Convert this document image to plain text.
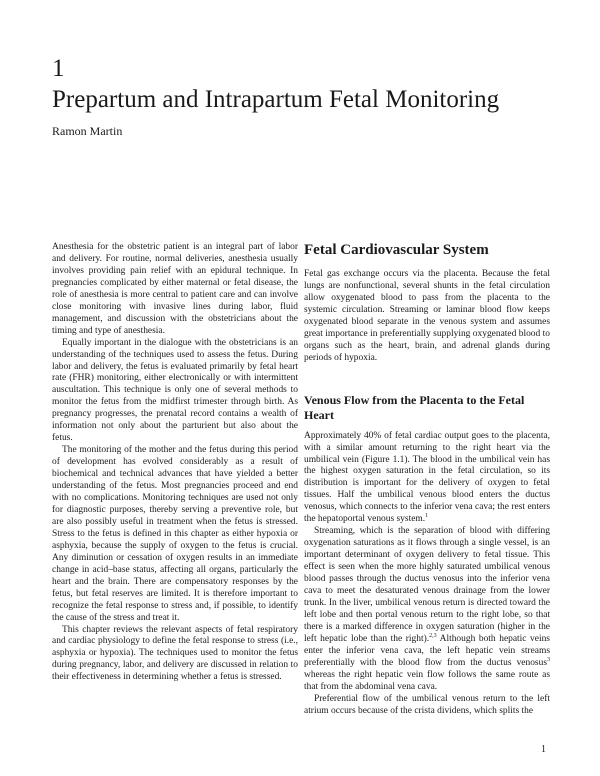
1
Prepartum and Intrapartum Fetal Monitoring
Ramon Martin

Anesthesia for the obstetric patient is an integral part of labor and delivery. For routine, normal deliveries, anesthesia usually involves providing pain relief with an epidural technique. In pregnancies complicated by either maternal or fetal disease, the role of anesthesia is more central to patient care and can involve close monitoring with invasive lines during labor, fluid management, and discussion with the obstetricians about the timing and type of anesthesia.

Equally important in the dialogue with the obstetricians is an understanding of the techniques used to assess the fetus. During labor and delivery, the fetus is evaluated primarily by fetal heart rate (FHR) monitoring, either electronically or with intermittent auscultation. This technique is only one of several methods to monitor the fetus from the midfirst trimester through birth. As pregnancy progresses, the prenatal record contains a wealth of information not only about the parturient but also about the fetus.

The monitoring of the mother and the fetus during this period of development has evolved considerably as a result of biochemical and technical advances that have yielded a better understanding of the fetus. Most pregnancies proceed and end with no complications. Monitoring techniques are used not only for diagnostic purposes, thereby serving a preventive role, but are also possibly useful in treatment when the fetus is stressed. Stress to the fetus is defined in this chapter as either hypoxia or asphyxia, because the supply of oxygen to the fetus is crucial. Any diminution or cessation of oxygen results in an immediate change in acid–base status, affecting all organs, particularly the heart and the brain. There are compensatory responses by the fetus, but fetal reserves are limited. It is therefore important to recognize the fetal response to stress and, if possible, to identify the cause of the stress and treat it.

This chapter reviews the relevant aspects of fetal respiratory and cardiac physiology to define the fetal response to stress (i.e., asphyxia or hypoxia). The techniques used to monitor the fetus during pregnancy, labor, and delivery are discussed in relation to their effectiveness in determining whether a fetus is stressed.

Fetal Cardiovascular System

Fetal gas exchange occurs via the placenta. Because the fetal lungs are nonfunctional, several shunts in the fetal circulation allow oxygenated blood to pass from the placenta to the systemic circulation. Streaming or laminar blood flow keeps oxygenated blood separate in the venous system and assumes great importance in preferentially supplying oxygenated blood to organs such as the heart, brain, and adrenal glands during periods of hypoxia.

Venous Flow from the Placenta to the Fetal Heart

Approximately 40% of fetal cardiac output goes to the placenta, with a similar amount returning to the right heart via the umbilical vein (Figure 1.1). The blood in the umbilical vein has the highest oxygen saturation in the fetal circulation, so its distribution is important for the delivery of oxygen to fetal tissues. Half the umbilical venous blood enters the ductus venosus, which connects to the inferior vena cava; the rest enters the hepatoportal venous system.$^1$

Streaming, which is the separation of blood with differing oxygenation saturations as it flows through a single vessel, is an important determinant of oxygen delivery to fetal tissue. This effect is seen when the more highly saturated umbilical venous blood passes through the ductus venosus into the inferior vena cava to meet the desaturated venous drainage from the lower trunk. In the liver, umbilical venous return is directed toward the left lobe and then portal venous return to the right lobe, so that there is a marked difference in oxygen saturation (higher in the left hepatic lobe than the right).$^{2,3}$ Although both hepatic veins enter the inferior vena cava, the left hepatic vein streams preferentially with the blood flow from the ductus venosus$^3$ whereas the right hepatic vein flow follows the same route as that from the abdominal vena cava.

Preferential flow of the umbilical venous return to the left atrium occurs because of the crista dividens, which splits the

1
